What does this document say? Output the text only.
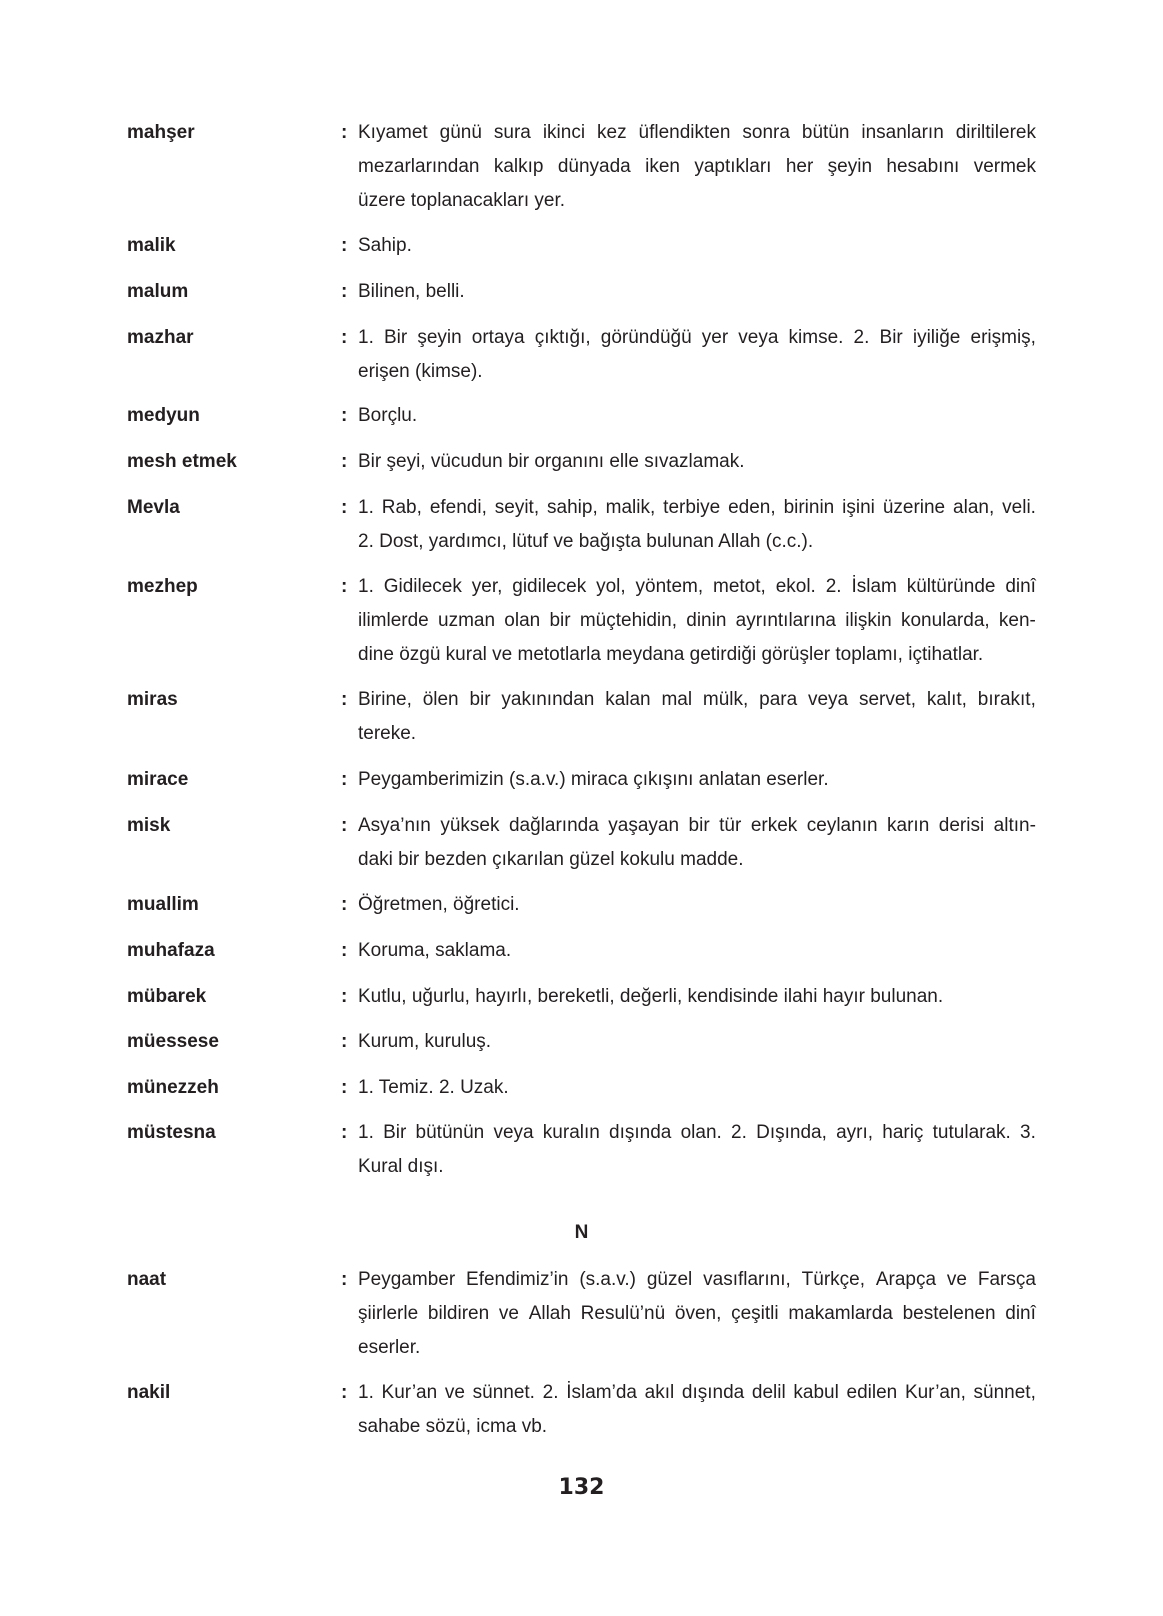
mahşer	: Kıyamet günü sura ikinci kez üflendikten sonra bütün insanların diriltilerek
mezarlarından kalkıp dünyada iken yaptıkları her şeyin hesabını vermek
üzere toplanacakları yer.
malik	: Sahip.
malum	: Bilinen, belli.
mazhar	: 1. Bir şeyin ortaya çıktığı, göründüğü yer veya kimse. 2. Bir iyiliğe erişmiş,
erişen (kimse).
medyun	: Borçlu.
mesh etmek	: Bir şeyi, vücudun bir organını elle sıvazlamak.
Mevla	: 1. Rab, efendi, seyit, sahip, malik, terbiye eden, birinin işini üzerine alan, veli.
2. Dost, yardımcı, lütuf ve bağışta bulunan Allah (c.c.).
mezhep	: 1. Gidilecek yer, gidilecek yol, yöntem, metot, ekol. 2. İslam kültüründe dinî
ilimlerde uzman olan bir müçtehidin, dinin ayrıntılarına ilişkin konularda, ken-
dine özgü kural ve metotlarla meydana getirdiği görüşler toplamı, içtihatlar.
miras	: Birine, ölen bir yakınından kalan mal mülk, para veya servet, kalıt, bırakıt,
tereke.
mirace	: Peygamberimizin (s.a.v.) miraca çıkışını anlatan eserler.
misk	: Asya’nın yüksek dağlarında yaşayan bir tür erkek ceylanın karın derisi altın-
daki bir bezden çıkarılan güzel kokulu madde.
muallim	: Öğretmen, öğretici.
muhafaza	: Koruma, saklama.
mübarek	: Kutlu, uğurlu, hayırlı, bereketli, değerli, kendisinde ilahi hayır bulunan.
müessese	: Kurum, kuruluş.
münezzeh	: 1. Temiz. 2. Uzak.
müstesna	: 1. Bir bütünün veya kuralın dışında olan. 2. Dışında, ayrı, hariç tutularak. 3.
Kural dışı.
naat	: Peygamber Efendimiz’in (s.a.v.) güzel vasıflarını, Türkçe, Arapça ve Farsça
şiirlerle bildiren ve Allah Resulü’nü öven, çeşitli makamlarda bestelenen dinî
eserler.
nakil	: 1. Kur’an ve sünnet. 2. İslam’da akıl dışında delil kabul edilen Kur’an, sünnet,
sahabe sözü, icma vb.
N
132
